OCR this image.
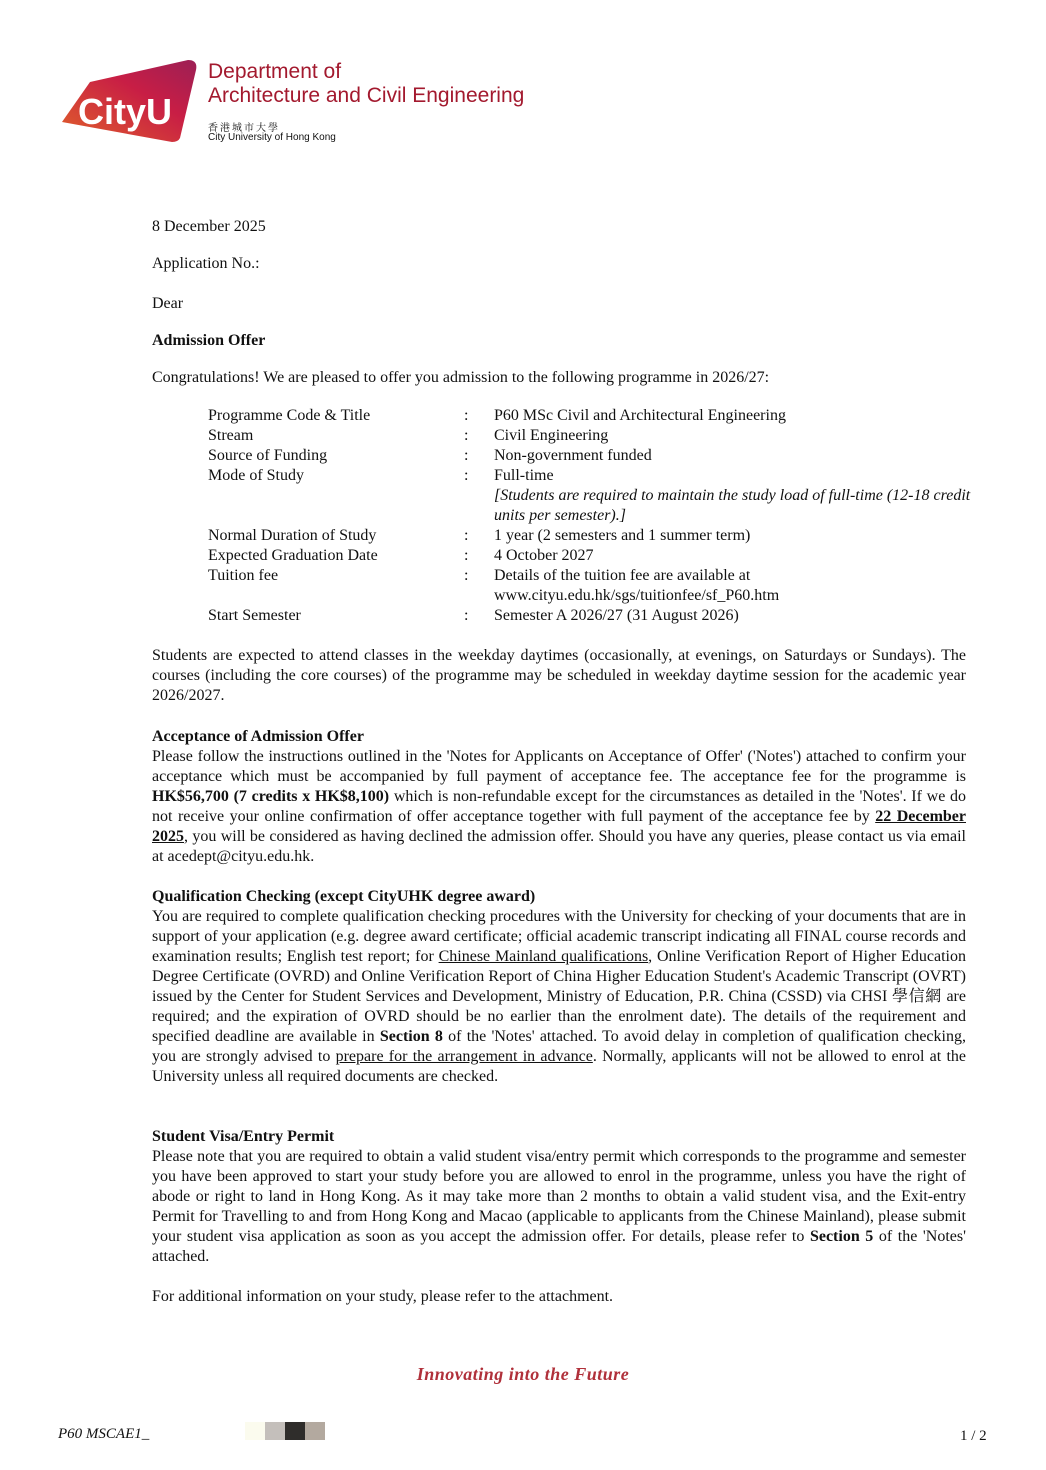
CityU
Department of
Architecture and Civil Engineering
香港城市大學
City University of Hong Kong
8 December 2025
Application No.:
Dear
Admission Offer
Congratulations! We are pleased to offer you admission to the following programme in 2026/27:
Programme Code & Title	: P60 MSc Civil and Architectural Engineering
Stream	: Civil Engineering
Source of Funding	: Non-government funded
Mode of Study	: Full-time
[Students are required to maintain the study load of full-time (12-18 credit units per semester).]
Normal Duration of Study	: 1 year (2 semesters and 1 summer term)
Expected Graduation Date	: 4 October 2027
Tuition fee	: Details of the tuition fee are available at www.cityu.edu.hk/sgs/tuitionfee/sf_P60.htm
Start Semester	: Semester A 2026/27 (31 August 2026)
Students are expected to attend classes in the weekday daytimes (occasionally, at evenings, on Saturdays or Sundays). The courses (including the core courses) of the programme may be scheduled in weekday daytime session for the academic year 2026/2027.
Acceptance of Admission Offer
Please follow the instructions outlined in the 'Notes for Applicants on Acceptance of Offer' ('Notes') attached to confirm your acceptance which must be accompanied by full payment of acceptance fee. The acceptance fee for the programme is HK$56,700 (7 credits x HK$8,100) which is non-refundable except for the circumstances as detailed in the 'Notes'. If we do not receive your online confirmation of offer acceptance together with full payment of the acceptance fee by 22 December 2025, you will be considered as having declined the admission offer. Should you have any queries, please contact us via email at acedept@cityu.edu.hk.
Qualification Checking (except CityUHK degree award)
You are required to complete qualification checking procedures with the University for checking of your documents that are in support of your application (e.g. degree award certificate; official academic transcript indicating all FINAL course records and examination results; English test report; for Chinese Mainland qualifications, Online Verification Report of Higher Education Degree Certificate (OVRD) and Online Verification Report of China Higher Education Student's Academic Transcript (OVRT) issued by the Center for Student Services and Development, Ministry of Education, P.R. China (CSSD) via CHSI 學信網 are required; and the expiration of OVRD should be no earlier than the enrolment date). The details of the requirement and specified deadline are available in Section 8 of the 'Notes' attached. To avoid delay in completion of qualification checking, you are strongly advised to prepare for the arrangement in advance. Normally, applicants will not be allowed to enrol at the University unless all required documents are checked.
Student Visa/Entry Permit
Please note that you are required to obtain a valid student visa/entry permit which corresponds to the programme and semester you have been approved to start your study before you are allowed to enrol in the programme, unless you have the right of abode or right to land in Hong Kong. As it may take more than 2 months to obtain a valid student visa, and the Exit-entry Permit for Travelling to and from Hong Kong and Macao (applicable to applicants from the Chinese Mainland), please submit your student visa application as soon as you accept the admission offer. For details, please refer to Section 5 of the 'Notes' attached.
For additional information on your study, please refer to the attachment.
Innovating into the Future
P60 MSCAE1_	1 / 2
